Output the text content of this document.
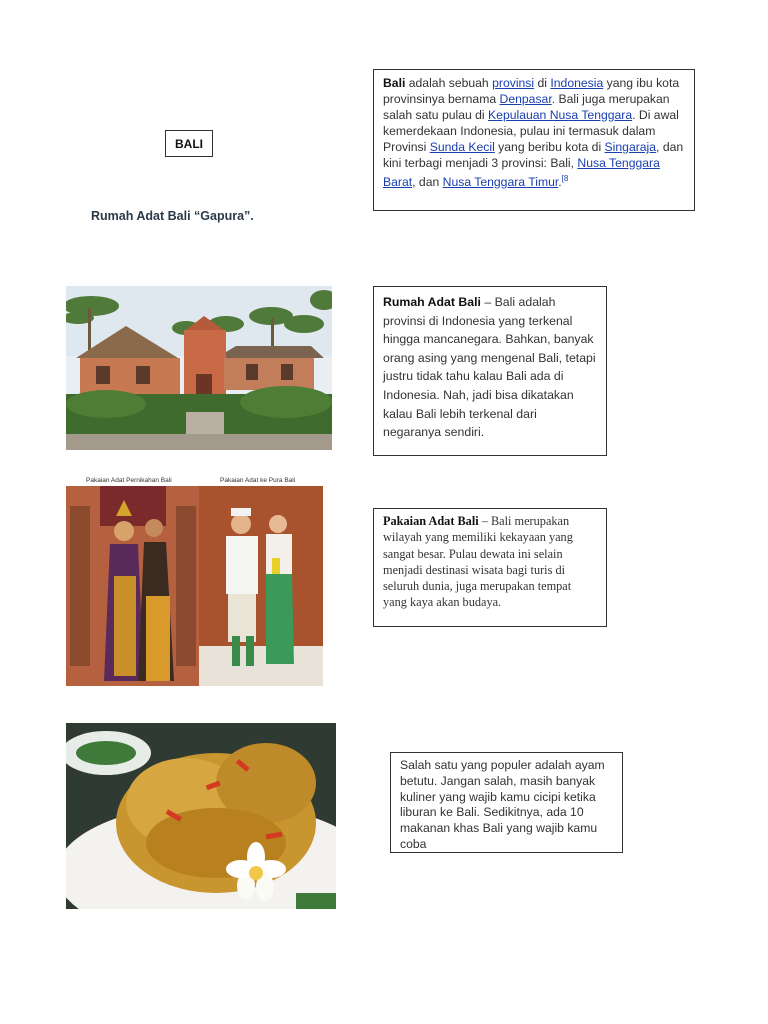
BALI
Rumah Adat Bali “Gapura”.
Bali adalah sebuah provinsi di Indonesia yang ibu kota provinsinya bernama Denpasar. Bali juga merupakan salah satu pulau di Kepulauan Nusa Tenggara. Di awal kemerdekaan Indonesia, pulau ini termasuk dalam Provinsi Sunda Kecil yang beribu kota di Singaraja, dan kini terbagi menjadi 3 provinsi: Bali, Nusa Tenggara Barat, dan Nusa Tenggara Timur.$^{[8}$
Rumah Adat Bali – Bali adalah provinsi di Indonesia yang terkenal hingga mancanegara. Bahkan, banyak orang asing yang mengenal Bali, tetapi justru tidak tahu kalau Bali ada di Indonesia. Nah, jadi bisa dikatakan kalau Bali lebih terkenal dari negaranya sendiri.
Pakaian Adat Pernikahan Bali	Pakaian Adat ke Pura Bali
Pakaian Adat Bali – Bali merupakan wilayah yang memiliki kekayaan yang sangat besar. Pulau dewata ini selain menjadi destinasi wisata bagi turis di seluruh dunia, juga merupakan tempat yang kaya akan budaya.
Salah satu yang populer adalah ayam betutu. Jangan salah, masih banyak kuliner yang wajib kamu cicipi ketika liburan ke Bali. Sedikitnya, ada 10 makanan khas Bali yang wajib kamu coba
